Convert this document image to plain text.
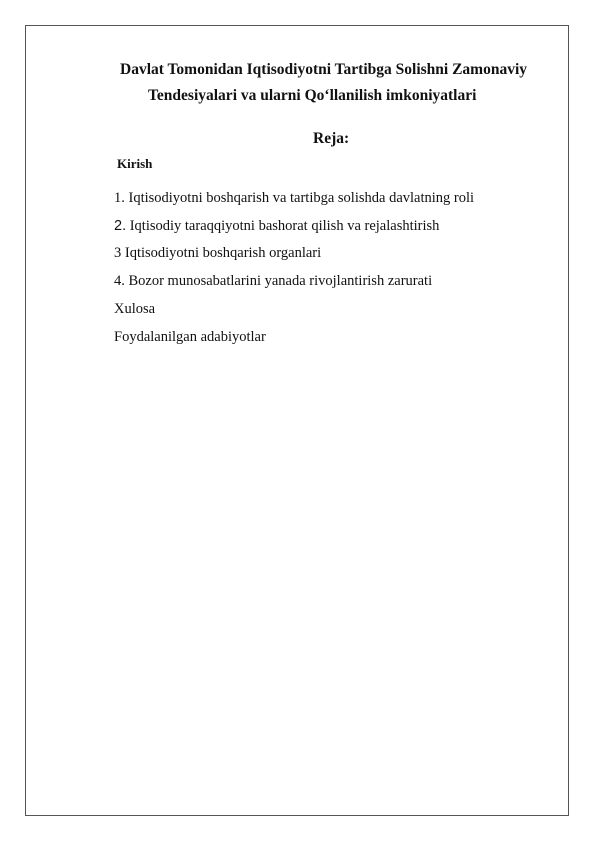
Davlat Tomonidan Iqtisodiyotni Tartibga Solishni Zamonaviy
Tendesiyalari va ularni Qo‘llanilish imkoniyatlari
Reja:
Kirish
1. Iqtisodiyotni boshqarish va tartibga solishda davlatning roli
2. Iqtisodiy taraqqiyotni bashorat qilish va rejalashtirish
3 Iqtisodiyotni boshqarish organlari
4. Bozor munosabatlarini yanada rivojlantirish zarurati
Xulosa
Foydalanilgan adabiyotlar
